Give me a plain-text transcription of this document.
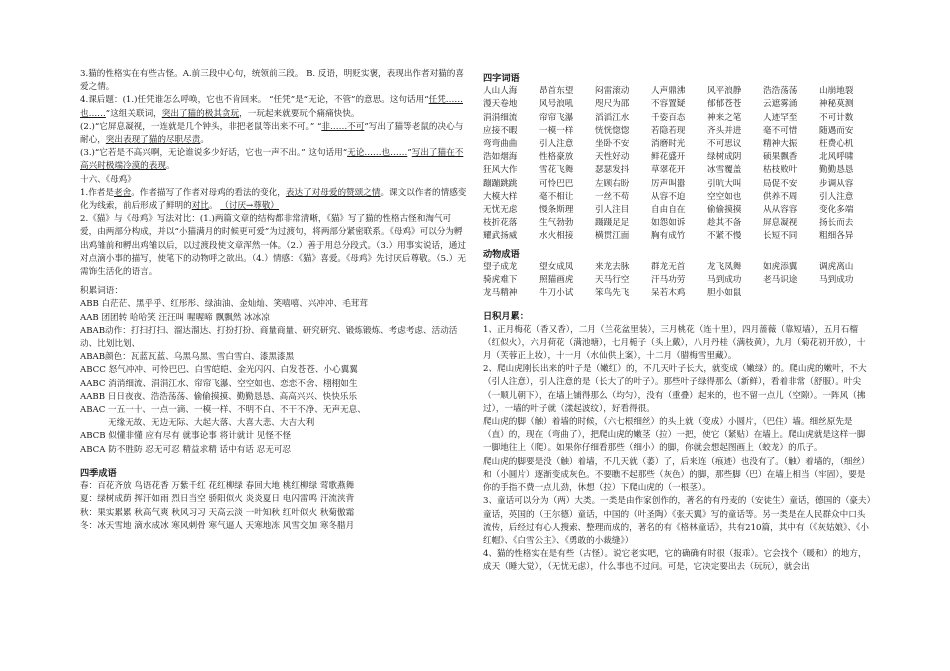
3.猫的性格实在有些古怪。A.前三段中心句，统领前三段。 B. 反语，明贬实褒，表现出作者对猫的喜爱之情。

4.课后题：(1.)任凭谁怎么呼唤，它也不肯回来。 “任凭”是“无论，不管”的意思。这句话用“任凭……也……”这组关联词，突出了猫的极其贪玩，一玩起来就要玩个痛痛快快。

(2.)“它屏息凝视，一连就是几个钟头，非把老鼠等出来不可。” “非……不可”写出了猫等老鼠的决心与耐心，突出表现了猫的尽职尽责。

(3.)“它若是不高兴啊，无论谁说多少好话，它也一声不出。” 这句话用“无论……也……”写出了猫在不高兴时极端冷漠的表现。

十六、《母鸡》

1.作者是老舍。作者描写了作者对母鸡的看法的变化，表达了对母爱的赞颂之情。课文以作者的情感变化为线索，前后形成了鲜明的对比。 （讨厌→尊敬）

2.《猫》与《母鸡》写法对比：(1.)两篇文章的结构都非常清晰，《猫》写了猫的性格古怪和淘气可爱，由两部分构成，并以“小猫满月的时候更可爱”为过渡句，将两部分紧密联系。《母鸡》可以分为孵出鸡雏前和孵出鸡雏以后，以过渡段使文章浑然一体。（2.）善于用总分段式。（3.）用事实说话，通过对点滴小事的描写，使笔下的动物呼之欲出。（4.）情感：《猫》喜爱。《母鸡》先讨厌后尊敬。（5.）无需饰生活化的语言。

积累词语：

ABB 白茫茫、黑乎乎、红彤彤、绿油油、金灿灿、笑嘻嘻、兴冲冲、毛茸茸

AAB 团团转 哈哈笑 汪汪叫 喔喔啼 飘飘然 冰冰凉

ABAB动作：打扫打扫、溜达溜达、打扮打扮、商量商量、研究研究、锻炼锻炼、考虑考虑、活动活动、比划比划、

ABAB颜色：瓦蓝瓦蓝、乌黑乌黑、雪白雪白、漆黑漆黑

ABCC 怒气冲冲、可怜巴巴、白雪皑皑、金光闪闪、白发苍苍、小心翼翼

AABC 消消细流、涓涓江水、帘帘飞瀑、空空如也、恋恋不舍、栩栩如生

AABB 日日夜夜、浩浩荡荡、偷偷摸摸、勤勤恳恳、高高兴兴、快快乐乐

ABAC 一五一十、一点一滴、一模一样、不明不白、不干不净、无声无息、

无缘无故、无边无际、大起大落、大喜大悲、大吉大利

ABCB 似懂非懂 应有尽有 就事论事 将计就计 见怪不怪

ABCA 防不胜防 忍无可忍 精益求精 话中有话 忍无可忍

四季成语

春：百花齐放 鸟语花香 万紫千红 花红柳绿 春回大地 桃红柳绿 莺歌燕舞

夏：绿树成荫 挥汗如雨 烈日当空 骄阳似火 炎炎夏日 电闪雷鸣 汗流浃背

秋：果实累累 秋高气爽 秋风习习 天高云淡 一叶知秋 红叶似火 秋菊傲霜

冬：冰天雪地 滴水成冰 寒风刺骨 寒气逼人 天寒地冻 风雪交加 寒冬腊月

四字词语

人山人海	昂首东望	闷雷滚动	人声鼎沸	风平浪静	浩浩荡荡	山崩地裂
漫天卷地	风号浪吼	咫尺为邵	不容置疑	郁郁苍苍	云遮雾涌	神秘莫测
涓涓细流	帘帘飞瀑	滔滔江水	千姿百态	神来之笔	人迹罕至	不可计数
应接不暇	一模一样	恍恍惚惚	若隐若现	齐头并进	毫不可惜	随遇而安
弯弯曲曲	引人注意	坐卧不安	消磨时光	不可思议	精神大振	枉费心机
浩如烟海	性格豪放	天性好动	鲜花盛开	绿树成阴	硕果飘香	北风呼啸
狂风大作	雪花飞舞	瑟瑟发抖	草翠花开	冰雪覆盖	枯枝败叶	勤勤恳恳
蹦蹦跳跳	可怜巴巴	左顾右盼	厉声叫嚣	引吭大叫	局促不安	步调从容
大模大样	毫不相让	一丝不苟	从容不迫	空空如也	供养不周	引人注意
无忧无虑	慢条斯理	引人注目	自由自在	偷偷摸摸	从从容容	变化多端
枝折花落	生气勃勃	蹑蹑足足	如怨如诉	趁其不备	屏息凝视	扬长而去
耀武扬威	水火相接	横贯江面	胸有成竹	不紧不慢	长短不同	粗细各异

动物成语

望子成龙	望女成凤	来龙去脉	群龙无首	龙飞凤舞	如虎添翼	调虎离山
骑虎难下	照猫画虎	天马行空	汗马功劳	马到成功	老马识途	马到成功
龙马精神	牛刀小试	笨鸟先飞	呆若木鸡	胆小如鼠

日积月累：

1、正月梅花（香又香），二月（兰花盆里装），三月桃花（连十里），四月蔷薇（靠短墙），五月石榴（红似火），六月荷花（满池塘），七月栀子（头上戴），八月丹桂（满枝黄），九月（菊花初开放），十月（芙蓉正上妆），十一月（水仙供上案），十二月（腊梅雪里藏）。

2、爬山虎刚长出来的叶子是（嫩红）的，不几天叶子长大，就变成（嫩绿）的。爬山虎的嫩叶，不大（引人注意），引人注意的是（长大了的叶子）。那些叶子绿得那么（新鲜），看着非常（舒服）。叶尖（一顺儿朝下），在墙上铺得那么（均匀），没有（重叠）起来的，也不留一点儿（空隙）。一阵风（拂过），一墙的叶子就（漾起波纹），好看得很。

爬山虎的脚（触）着墙的时候，（六七根细丝）的头上就（变成）小圆片，（巴住）墙。细丝原先是（直）的，现在（弯曲了），把爬山虎的嫩茎（拉）一把，使它（紧贴）在墙上。爬山虎就是这样一脚一脚地往上（爬）。如果你仔细看那些（细小）的脚，你就会想起图画上（蛟龙）的爪子。

爬山虎的脚要是没（触）着墙，不几天就（萎）了，后来连（痕迹）也没有了。（触）着墙的，（细丝）和（小圆片）逐渐变成灰色。不要瞧不起那些（灰色）的脚，那些脚（巴）在墙上相当（牢固），要是你的手指不费一点儿劲，休想（拉）下爬山虎的（一根茎）。

3、童话可以分为（两）大类。一类是由作家创作的，著名的有丹麦的（安徒生）童话，德国的（豪夫）童话，英国的（王尔德）童话，中国的（叶圣陶）《张天翼》写的童话等。另一类是在人民群众中口头流传，后经过有心人搜索、整理而成的，著名的有《格林童话》，共有210篇，其中有（《灰姑娘》、《小红帽》、《白雪公主》、《勇敢的小裁缝》）

4、猫的性格实在是有些（古怪）。说它老实吧，它的确确有时很（报乖）。它会找个（暖和）的地方，成天（睡大觉），（无忧无虑），什么事也不过问。可是，它决定要出去（玩玩），就会出
